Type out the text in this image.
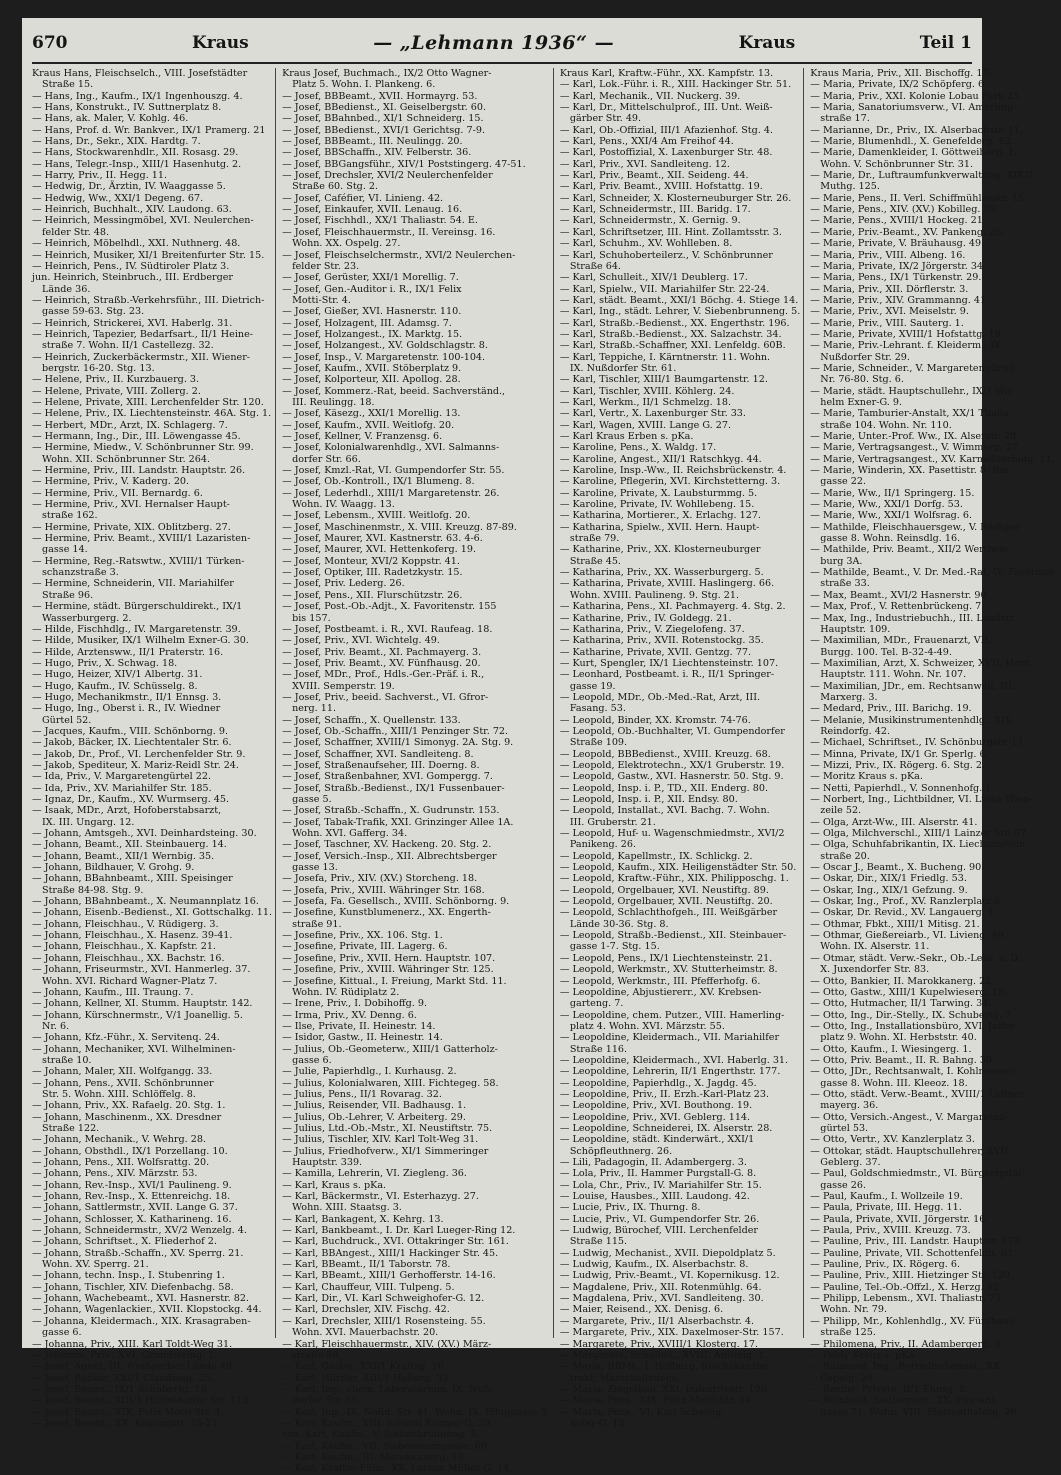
670	Kraus	— „Lehmann 1936“ —	Kraus	Teil 1
Kraus Hans, Fleischselch., VIII. Josefstädter
Straße 15.
— Hans, Ing., Kaufm., IX/1 Ingenhouszg. 4.
— Hans, Konstrukt., IV. Suttnerplatz 8.
— Hans, ak. Maler, V. Kohlg. 46.
— Hans, Prof. d. Wr. Bankver., IX/1 Pramerg. 21
— Hans, Dr., Sekr., XIX. Hardtg. 7.
— Hans, Stockwarenhdlr., XII. Rosasg. 29.
— Hans, Telegr.-Insp., XIII/1 Hasenhutg. 2.
— Harry, Priv., II. Hegg. 11.
— Hedwig, Dr., Ärztin, IV. Waaggasse 5.
— Hedwig, Ww., XXI/1 Degeng. 67.
— Heinrich, Buchhalt., XIV. Laudong. 63.
— Heinrich, Messingmöbel, XVI. Neulerchen-
felder Str. 48.
— Heinrich, Möbelhdl., XXI. Nuthnerg. 48.
— Heinrich, Musiker, XI/1 Breitenfurter Str. 15.
— Heinrich, Pens., IV. Südtiroler Platz 3.
jun. Heinrich, Steinbruch., III. Erdberger
Lände 36.
— Heinrich, Straßb.-Verkehrsführ., III. Dietrich-
gasse 59-63. Stg. 23.
— Heinrich, Strickerei, XVI. Haberlg. 31.
— Heinrich, Tapezier, Bedarfsart., II/1 Heine-
straße 7. Wohn. II/1 Castellezg. 32.
— Heinrich, Zuckerbäckermstr., XII. Wiener-
bergstr. 16-20. Stg. 13.
— Helene, Priv., II. Kurzbauerg. 3.
— Helene, Private, VIII. Zollerg. 2.
— Helene, Private, XIII. Lerchenfelder Str. 120.
— Helene, Priv., IX. Liechtensteinstr. 46A. Stg. 1.
— Herbert, MDr., Arzt, IX. Schlagerg. 7.
— Hermann, Ing., Dir., III. Löwengasse 45.
— Hermine, Miedw., V. Schönbrunner Str. 99.
Wohn. XII. Schönbrunner Str. 264.
— Hermine, Priv., III. Landstr. Hauptstr. 26.
— Hermine, Priv., V. Kaderg. 20.
— Hermine, Priv., VII. Bernardg. 6.
— Hermine, Priv., XVI. Hernalser Haupt-
straße 162.
— Hermine, Private, XIX. Oblitzberg. 27.
— Hermine, Priv. Beamt., XVIII/1 Lazaristen-
gasse 14.
— Hermine, Reg.-Ratswtw., XVIII/1 Türken-
schanzstraße 3.
— Hermine, Schneiderin, VII. Mariahilfer
Straße 96.
— Hermine, städt. Bürgerschuldirekt., IX/1
Wasserburgerg. 2.
— Hilde, Fischhdlg., IV. Margaretenstr. 39.
— Hilde, Musiker, IX/1 Wilhelm Exner-G. 30.
— Hilde, Arztensww., II/1 Praterstr. 16.
— Hugo, Priv., X. Schwag. 18.
— Hugo, Heizer, XIV/1 Albertg. 31.
— Hugo, Kaufm., IV. Schüsselg. 8.
— Hugo, Mechanikmstr., II/1 Ennsg. 3.
— Hugo, Ing., Oberst i. R., IV. Wiedner
Gürtel 52.
— Jacques, Kaufm., VIII. Schönborng. 9.
— Jakob, Bäcker, IX. Liechtentaler Str. 6.
— Jakob, Dr., Prof., VI. Lerchenfelder Str. 9.
— Jakob, Spediteur, X. Mariz-Reidl Str. 24.
— Ida, Priv., V. Margaretengürtel 22.
— Ida, Priv., XV. Mariahilfer Str. 185.
— Ignaz, Dr., Kaufm., XV. Wurmserg. 45.
— Isaak, MDr., Arzt, Hofoberstabsarzt,
IX. III. Ungarg. 12.
— Johann, Amtsgeh., XVI. Deinhardsteing. 30.
— Johann, Beamt., XII. Steinbauerg. 14.
— Johann, Beamt., XII/1 Wernbig. 35.
— Johann, Bildhauer, V. Grohg. 9.
— Johann, BBahnbeamt., XIII. Speisinger
Straße 84-98. Stg. 9.
— Johann, BBahnbeamt., X. Neumannplatz 16.
— Johann, Eisenb.-Bedienst., XI. Gottschalkg. 11.
— Johann, Fleischhau., V. Rüdigerg. 3.
— Johann, Fleischhau., X. Hasenz. 39-41.
— Johann, Fleischhau., X. Kapfstr. 21.
— Johann, Fleischhau., XX. Bachstr. 16.
— Johann, Friseurmstr., XVI. Hanmerleg. 37.
Wohn. XVI. Richard Wagner-Platz 7.
— Johann, Kaufm., III. Traung. 7.
— Johann, Kellner, XI. Stumm. Hauptstr. 142.
— Johann, Kürschnermstr., V/1 Joanellig. 5.
Nr. 6.
— Johann, Kfz.-Führ., X. Servitenq. 24.
— Johann, Mechaniker, XVI. Wilhelminen-
straße 10.
— Johann, Maler, XII. Wolfgangg. 33.
— Johann, Pens., XVII. Schönbrunner
Str. 5. Wohn. XIII. Schlöffelg. 8.
— Johann, Priv., XX. Rafaelg. 20. Stg. 1.
— Johann, Maschinenm., XX. Dresdner
Straße 122.
— Johann, Mechanik., V. Wehrg. 28.
— Johann, Obsthdl., IX/1 Porzellang. 10.
— Johann, Pens., XII. Wolfsrattg. 20.
— Johann, Pens., XIV. Märzstr. 53.
— Johann, Rev.-Insp., XVI/1 Paulineng. 9.
— Johann, Rev.-Insp., X. Ettenreichg. 18.
— Johann, Sattlermstr., XVII. Lange G. 37.
— Johann, Schlosser, X. Katharineng. 16.
— Johann, Schneidermstr., XV/2 Wenzelg. 4.
— Johann, Schriftset., X. Fliederhof 2.
— Johann, Straßb.-Schaffn., XV. Sperrg. 21.
Wohn. XV. Sperrg. 21.
— Johann, techn. Insp., I. Stubenring 1.
— Johann, Tischler, XIV. Diefenbachg. 58.
— Johann, Wachebeamt., XVI. Hasnerstr. 82.
— Johann, Wagenlackier., XVII. Klopstockg. 44.
— Johanna, Kleidermach., XIX. Krasagraben-
gasse 6.
— Johanna, Priv., XIII. Karl Toldt-Weg 31.
— Johanna, Priv., XVI. Grundsteing. 1.
— Josef, Agent, III. Weißgerber Lände 40.
— Josef, Bäcker, XXI/1 Claudiusg. 25.
— Josef, Beamt., IX/1 Schubertg. 18.
— Josef, Beamt., XIII/1 Hütteldorfer Str. 113.
— Josef, Beamt., XIX. Felix Motti-Str. 4.
— Josef, Beamt., XX. Kolpingstr. 15-21.
Kraus Josef, Buchmach., IX/2 Otto Wagner-
Platz 5. Wohn. I. Plankeng. 6.
— Josef, BBBeamt., XVII. Hormayrg. 53.
— Josef, BBedienst., XI. Geiselbergstr. 60.
— Josef, BBahnbed., XI/1 Schneiderg. 15.
— Josef, BBedienst., XVI/1 Gerichtsg. 7-9.
— Josef, BBBeamt., III. Neulingg. 20.
— Josef, BBSchaffn., XIV. Felberstr. 36.
— Josef, BBGangsführ., XIV/1 Poststingerg. 47-51.
— Josef, Drechsler, XVI/2 Neulerchenfelder
Straße 60. Stg. 2.
— Josef, Caféfier, VI. Linieng. 42.
— Josef, Einkaufer, XVII. Lenaug. 16.
— Josef, Fischhdl., XX/1 Thaliastr. 54. E.
— Josef, Fleischhauermstr., II. Vereinsg. 16.
Wohn. XX. Ospelg. 27.
— Josef, Fleischselchermstr., XVI/2 Neulerchen-
felder Str. 23.
— Josef, Gerüster, XXI/1 Morellig. 7.
— Josef, Gen.-Auditor i. R., IX/1 Felix
Motti-Str. 4.
— Josef, Gießer, XVI. Hasnerstr. 110.
— Josef, Holzagent, III. Adamsg. 7.
— Josef, Holzangest., IX. Marktg. 15.
— Josef, Holzangest., XV. Goldschlagstr. 8.
— Josef, Insp., V. Margaretenstr. 100-104.
— Josef, Kaufm., XVII. Stöberplatz 9.
— Josef, Kolporteur, XII. Apollog. 28.
— Josef, Kommerz.-Rat, beeid. Sachverständ.,
III. Reulingg. 18.
— Josef, Käsezg., XXI/1 Morellig. 13.
— Josef, Kaufm., XVII. Weitlofg. 20.
— Josef, Kellner, V. Franzensg. 6.
— Josef, Kolonialwarenhdlg., XVI. Salmanns-
dorfer Str. 66.
— Josef, Kmzl.-Rat, VI. Gumpendorfer Str. 55.
— Josef, Ob.-Kontroll., IX/1 Blumeng. 8.
— Josef, Lederhdl., XIII/1 Margaretenstr. 26.
Wohn. IV. Waagg. 13.
— Josef, Lebensm., XVIII. Weitlofg. 20.
— Josef, Maschinenmstr., X. VIII. Kreuzg. 87-89.
— Josef, Maurer, XVI. Kastnerstr. 63. 4-6.
— Josef, Maurer, XVI. Hettenkoferg. 19.
— Josef, Monteur, XVI/2 Koppstr. 41.
— Josef, Optiker, III. Radetzkystr. 15.
— Josef, Priv. Lederg. 26.
— Josef, Pens., XII. Flurschützstr. 26.
— Josef, Post.-Ob.-Adjt., X. Favoritenstr. 155
bis 157.
— Josef, Postbeamt. i. R., XVI. Raufeag. 18.
— Josef, Priv., XVI. Wichtelg. 49.
— Josef, Priv. Beamt., XI. Pachmayerg. 3.
— Josef, Priv. Beamt., XV. Fünfhausg. 20.
— Josef, MDr., Prof., Hdls.-Ger.-Präf. i. R.,
XVIII. Semperstr. 19.
— Josef, Priv., beeid. Sachverst., VI. Gfror-
nerg. 11.
— Josef, Schaffn., X. Quellenstr. 133.
— Josef, Ob.-Schaffn., XIII/1 Penzinger Str. 72.
— Josef, Schaffner, XVIII/1 Simonyg. 2A. Stg. 9.
— Josef, Schaffner, XVI. Sandleiteng. 8.
— Josef, Straßenaufseher, III. Doerng. 8.
— Josef, Straßenbahner, XVI. Gompergg. 7.
— Josef, Straßb.-Bedienst., IX/1 Fussenbauer-
gasse 5.
— Josef, Straßb.-Schaffn., X. Gudrunstr. 153.
— Josef, Tabak-Trafik, XXI. Grinzinger Allee 1A.
Wohn. XVI. Gafferg. 34.
— Josef, Taschner, XV. Hackeng. 20. Stg. 2.
— Josef, Versich.-Insp., XII. Albrechtsberger
gasse 13.
— Josefa, Priv., XIV. (XV.) Storcheng. 18.
— Josefa, Priv., XVIII. Währinger Str. 168.
— Josefa, Fa. Gesellsch., XVIII. Schönborng. 9.
— Josefine, Kunstblumenerz., XX. Engerth-
straße 91.
— Josefine, Priv., XX. 106. Stg. 1.
— Josefine, Private, III. Lagerg. 6.
— Josefine, Priv., XVII. Hern. Hauptstr. 107.
— Josefine, Priv., XVIII. Währinger Str. 125.
— Josefine, Kittual., I. Freiung, Markt Std. 11.
Wohn. IV. Rüdiplatz 2.
— Irene, Priv., I. Dobihoffg. 9.
— Irma, Priv., XV. Denng. 6.
— Ilse, Private, II. Heinestr. 14.
— Isidor, Gastw., II. Heinestr. 14.
— Julius, Ob.-Geometerw., XIII/1 Gatterholz-
gasse 6.
— Julie, Papierhdlg., I. Kurhausg. 2.
— Julius, Kolonialwaren, XIII. Fichtegeg. 58.
— Julius, Pens., II/1 Rovarag. 32.
— Julius, Reisender, VII. Badhausg. 1.
— Julius, Ob.-Lehrer, V. Arbeiterg. 29.
— Julius, Ltd.-Ob.-Mstr., XI. Neustiftstr. 75.
— Julius, Tischler, XIV. Karl Tolt-Weg 31.
— Julius, Friedhofverw., XI/1 Simmeringer
Hauptstr. 339.
— Kamilla, Lehrerin, VI. Ziegleng. 36.
— Karl, Kraus s. pKa.
— Karl, Bäckermstr., VI. Esterhazyg. 27.
Wohn. XIII. Staatsg. 3.
— Karl, Bankagent, X. Kehrg. 13.
— Karl, Bankbeamt., I. Dr. Karl Lueger-Ring 12.
— Karl, Buchdruck., XVI. Ottakringer Str. 161.
— Karl, BBAngest., XIII/1 Hackinger Str. 45.
— Karl, BBeamt., II/1 Taborstr. 78.
— Karl, BBeamt., XIII/1 Gerhofferstr. 14-16.
— Karl, Chauffeur, VIII. Tulpeng. 5.
— Karl, Dir., VI. Karl Schweighofer-G. 12.
— Karl, Drechsler, XIV. Fischg. 42.
— Karl, Drechsler, XIII/1 Rosensteing. 55.
Wohn. XVI. Mauerbachstr. 20.
— Karl, Fleischhauermstr., XIV. (XV.) März-
straße 58.
— Karl, Gastw., XXI/1 Kraftsg. 16.
— Karl, Hürtler, XIII/1 Hollerg. 33.
— Karl, Ing., chem. Laboratorium, IX. Nuß-
dorfer Str. 50.
— Karl, Ing., IX. Nußd. Str. 41. Wohn. IX. Pfluggasse 5.
— Karl, Kaufm., XIII. Eduard Klinger-G. 20.
sen. Karl, Kaufm., V. Siebenbrunneng. 5.
— Karl, Kaufm., VII. Siebensterngasse. 60.
— Karl, Kaufm., III. Marokkanerg. 10.
— Karl, Kraftw.-Führ., XX. Lorenz Müller-G. 14.
Kraus Karl, Kraftw.-Führ., XX. Kampfstr. 13.
— Karl, Lok.-Führ. i. R., XIII. Hackinger Str. 51.
— Karl, Mechanik., VII. Nuckerg. 39.
— Karl, Dr., Mittelschulprof., III. Unt. Weiß-
gärber Str. 49.
— Karl, Ob.-Offizial, III/1 Afazienhof. Stg. 4.
— Karl, Pens., XXI/4 Am Freihof 44.
— Karl, Postoffizial, X. Laxenburger Str. 48.
— Karl, Priv., XVI. Sandleiteng. 12.
— Karl, Priv., Beamt., XII. Seideng. 44.
— Karl, Priv. Beamt., XVIII. Hofstattg. 19.
— Karl, Schneider, X. Klosterneuburger Str. 26.
— Karl, Schneidermstr., III. Baridg. 17.
— Karl, Schneidermstr., X. Gernig. 9.
— Karl, Schriftsetzer, III. Hint. Zollamtsstr. 3.
— Karl, Schuhm., XV. Wohlleben. 8.
— Karl, Schuhoberteilerz., V. Schönbrunner
Straße 64.
— Karl, Schulleit., XIV/1 Deublerg. 17.
— Karl, Spielw., VII. Mariahilfer Str. 22-24.
— Karl, städt. Beamt., XXI/1 Böchg. 4. Stiege 14.
— Karl, Ing., städt. Lehrer, V. Siebenbrunneng. 5.
— Karl, Straßb.-Bedienst., XX. Engerthstr. 196.
— Karl, Straßb.-Bedienst., XX. Salzachstr. 34.
— Karl, Straßb.-Schaffner, XXI. Lenfeldg. 60B.
— Karl, Teppiche, I. Kärntnerstr. 11. Wohn.
IX. Nußdorfer Str. 61.
— Karl, Tischler, XIII/1 Baumgartenstr. 12.
— Karl, Tischler, XVIII. Köhlerg. 24.
— Karl, Werkm., II/1 Schmelzg. 18.
— Karl, Vertr., X. Laxenburger Str. 33.
— Karl, Wagen, XVIII. Lange G. 27.
— Karl Kraus Erben s. pKa.
— Karoline, Pens., X. Waldg. 17.
— Karoline, Angest., XII/1 Ratschkyg. 44.
— Karoline, Insp.-Ww., II. Reichsbrückenstr. 4.
— Karoline, Pflegerin, XVI. Kirchstetterng. 3.
— Karoline, Private, X. Laubsturmmg. 5.
— Karoline, Private, IV. Wohllebeng. 15.
— Katharina, Mortierer., X. Erlachg. 127.
— Katharina, Spielw., XVII. Hern. Haupt-
straße 79.
— Katharine, Priv., XX. Klosterneuburger
Straße 45.
— Katharina, Priv., XX. Wasserburgerg. 5.
— Katharina, Private, XVIII. Haslingerg. 66.
Wohn. XVIII. Paulineng. 9. Stg. 21.
— Katharina, Pens., XI. Pachmayerg. 4. Stg. 2.
— Katharine, Priv., IV. Goldegg. 21.
— Katharina, Priv., V. Ziegelofeng. 37.
— Katharina, Priv., XVII. Rotenstockg. 35.
— Katharine, Private, XVII. Gentzg. 77.
— Kurt, Spengler, IX/1 Liechtensteinstr. 107.
— Leonhard, Postbeamt. i. R., II/1 Springer-
gasse 19.
— Leopold, MDr., Ob.-Med.-Rat, Arzt, III.
Fasang. 53.
— Leopold, Binder, XX. Kromstr. 74-76.
— Leopold, Ob.-Buchhalter, VI. Gumpendorfer
Straße 109.
— Leopold, BBBedienst., XVIII. Kreuzg. 68.
— Leopold, Elektrotechn., XX/1 Gruberstr. 19.
— Leopold, Gastw., XVI. Hasnerstr. 50. Stg. 9.
— Leopold, Insp. i. P., TD., XII. Enderg. 80.
— Leopold, Insp. i. P., XII. Endsy. 80.
— Leopold, Installat., XVI. Bachg. 7. Wohn.
III. Gruberstr. 21.
— Leopold, Huf- u. Wagenschmiedmstr., XVI/2
Panikeng. 26.
— Leopold, Kapellmstr., IX. Schlickg. 2.
— Leopold, Kaufm., XIX. Heiligenstädter Str. 50.
— Leopold, Kraftw.-Führ., XIX. Philipposchg. 1.
— Leopold, Orgelbauer, XVI. Neustiftg. 89.
— Leopold, Orgelbauer, XVII. Neustiftg. 20.
— Leopold, Schlachthofgeh., III. Weißgärber
Lände 30-36. Stg. 8.
— Leopold, Straßb.-Bedienst., XII. Steinbauer-
gasse 1-7. Stg. 15.
— Leopold, Pens., IX/1 Liechtensteinstr. 21.
— Leopold, Werkmstr., XV. Stutterheimstr. 8.
— Leopold, Werkmstr., III. Pfefferhofg. 6.
— Leopoldine, Abjustiererr., XV. Krebsen-
garteng. 7.
— Leopoldine, chem. Putzer., VIII. Hamerling-
platz 4. Wohn. XVI. Märzstr. 55.
— Leopoldine, Kleidermach., VII. Mariahilfer
Straße 116.
— Leopoldine, Kleidermach., XVI. Haberlg. 31.
— Leopoldine, Lehrerin, II/1 Engerthstr. 177.
— Leopoldine, Papierhdlg., X. Jagdg. 45.
— Leopoldine, Priv., II. Erzh.-Karl-Platz 23.
— Leopoldine, Priv., XVI. Bouthong. 19.
— Leopoldine, Priv., XVI. Geblerg. 114.
— Leopoldine, Schneiderei, IX. Alserstr. 28.
— Leopoldine, städt. Kinderwärt., XXI/1
Schöpfleuthnerg. 26.
— Lili, Padagogin, II. Adambergerg. 3.
— Lola, Priv., II. Hammer Purgstall-G. 8.
— Lola, Chr., Priv., IV. Mariahilfer Str. 15.
— Louise, Hausbes., XIII. Laudong. 42.
— Lucie, Priv., IX. Thurng. 8.
— Lucie, Priv., VI. Gumpendorfer Str. 26.
— Ludwig, Bürochef, VIII. Lerchenfelder
Straße 115.
— Ludwig, Mechanist., XVII. Diepoldplatz 5.
— Ludwig, Kaufm., IX. Alserbachstr. 8.
— Ludwig, Priv.-Beamt., VI. Kopernikusg. 12.
— Magdalene, Priv., XII. Rotenmühlg. 64.
— Magdalena, Priv., XVI. Sandleiteng. 30.
— Maier, Reisend., XX. Denisg. 6.
— Margarete, Priv., II/1 Alserbachstr. 4.
— Margarete, Priv., XIX. Daxelmoser-Str. 157.
— Margarete, Priv., XVIII/1 Klosterg. 17.
— Margarete, Schulleit., XVIII. Antonig. 1.
— Maria, BBMt., I. Hofburg, Reichskanzlei-
trakt, Marschallstiege.
— Maria, Ziegelbau, XXI. Industriestr. 190.
— Maria, Pens., XIX. Felix Motti-Str. 14.
— Maria, Pens., VI. Karl Schweig-
hofer-G. 12.
Kraus Maria, Priv., XII. Bischoffg. 17.
— Maria, Private, IX/2 Schöpferg. 6.
— Maria, Priv., XXI. Kolonie Lobau Park 21.
— Maria, Sanatoriumsverw., VI. Amerling-
straße 17.
— Marianne, Dr., Priv., IX. Alserbachstr. 11.
— Marie, Blumenhdl., X. Genefelderg. 62.
— Marie, Damenkleider, I. Göttweiherg. 1.
Wohn. V. Schönbrunner Str. 31.
— Marie, Dr., Luftraumfunkverwaltung, XIX/2
Muthg. 125.
— Marie, Pens., II. Verl. Schiffmühlenstr. 15.
— Marie, Pens., XIV. (XV.) Kobilleg. 39.
— Marie, Pens., XVIII/1 Hockeg. 21.
— Marie, Priv.-Beamt., XV. Pankeng. 26.
— Marie, Private, V. Bräuhausg. 49.
— Maria, Priv., VIII. Albeng. 16.
— Maria, Private, IX/2 Jörgerstr. 34.
— Maria, Pens., IX/1 Türkenstr. 29.
— Maria, Priv., XII. Dörflerstr. 3.
— Marie, Priv., XIV. Grammanng. 41.
— Marie, Priv., XVI. Meiselstr. 9.
— Marie, Priv., VIII. Sauterg. 1.
— Marie, Private, XVIII/1 Hofstattg. 19.
— Marie, Priv.-Lehrant. f. Kleiderm., IX.
Nußdorfer Str. 29.
— Marie, Schneider., V. Margaretengürtel
Nr. 76-80. Stg. 6.
— Marie, städt. Hauptschullehr., IX/1 Wil-
helm Exner-G. 9.
— Marie, Tamburier-Anstalt, XX/1 Thalia-
straße 104. Wohn. Nr. 110.
— Marie, Unter.-Prof. Ww., IX. Alserstr. 28.
— Marie, Vertragsangest., V. Wimmerg. 27.
— Marie, Vertragsangest., XV. Karmeliterhofg. 11.
— Marie, Winderin, XX. Pasettistr. 8. Bar.
gasse 22.
— Marie, Ww., II/1 Springerg. 15.
— Marie, Ww., XXI/1 Dorfg. 53.
— Marie, Ww., XXI/1 Wolfsrag. 6.
— Mathilde, Fleischhauersgew., V. Rüdiger-
gasse 8. Wohn. Reinsdlg. 16.
— Mathilde, Priv. Beamt., XII/2 Werthen-
burg 3A.
— Mathilde, Beamt., V. Dr. Med.-Rat, IV. Favoriten-
straße 33.
— Max, Beamt., XVI/2 Hasnerstr. 90.
— Max, Prof., V. Rettenbrückeng. 7.
— Max, Ing., Industriebuchh., III. Landstr.
Hauptstr. 109.
— Maximilian, MDr., Frauenarzt, VII.
Burgg. 100. Tel. B-32-4-49.
— Maximilian, Arzt, X. Schweizer, XVII. Hern.
Hauptstr. 111. Wohn. Nr. 107.
— Maximilian, JDr., em. Rechtsanwalt, III.
Marxerg. 3.
— Medard, Priv., III. Barichg. 19.
— Melanie, Musikinstrumentenhdlg., XIV.
Reindorfg. 42.
— Michael, Schriftset., IV. Schönburgstr. 11.
— Minna, Private, IX/1 Gr. Sperlg. 6.
— Mizzi, Priv., IX. Rögerg. 6. Stg. 2.
— Moritz Kraus s. pKa.
— Netti, Papierhdl., V. Sonnenhofg. 1.
— Norbert, Ing., Lichtbildner, VI. Linke Wien-
zeile 52.
— Olga, Arzt-Ww., III. Alserstr. 41.
— Olga, Milchverschl., XIII/1 Lainzer Str. 87.
— Olga, Schuhfabrikantin, IX. Liechtenstein-
straße 20.
— Oscar J., Beamt., X. Bucheng. 90.
— Oskar, Dir., XIX/1 Friedlg. 53.
— Oskar, Ing., XIX/1 Gefzung. 9.
— Oskar, Ing., Prof., XV. Ranzlerplatz 6.
— Oskar, Dr. Revid., XV. Langauerg. 1.
— Othmar, Fbkt., XIII/1 Mitisg. 21.
— Othmar, Gießereiarb., VI. Livieng. 49.
Wohn. IX. Alserstr. 11.
— Otmar, städt. Verw.-Sekr., Ob.-Leut. a. D.,
X. Juxendorfer Str. 83.
— Otto, Bankier, II. Marokkanerg. 22.
— Otto, Gastw., XIII/1 Kupelwieserg. 15.
— Otto, Hutmacher, II/1 Tarwing. 34.
— Otto, Ing., Dir.-Stelly., IX. Schubertg. 7.
— Otto, Ing., Installationsbüro, XVI. Joffer-
platz 9. Wohn. XI. Herbststr. 40.
— Otto, Kaufm., I. Wiesingerg. 1.
— Otto, Priv. Beamt., II. R. Bahng. 30.
— Otto, JDr., Rechtsanwalt, I. Kohlmesser-
gasse 8. Wohn. III. Kleeoz. 18.
— Otto, städt. Verw.-Beamt., XVIII/1 Leitner-
mayerg. 36.
— Otto, Versich.-Angest., V. Margareten-
gürtel 53.
— Otto, Vertr., XV. Kanzlerplatz 3.
— Ottokar, städt. Hauptschullehrer, XVII.
Geblerg. 37.
— Paul, Goldschmiedmstr., VI. Bürgerspital-
gasse 26.
— Paul, Kaufm., I. Wollzeile 19.
— Paula, Private, III. Hegg. 11.
— Paula, Private, XVII. Jörgerstr. 16.
— Paula, Priv., XVIII. Kreuzg. 73.
— Pauline, Priv., III. Landstr. Hauptstr. 173.
— Pauline, Private, VII. Schottenfeldg. 67.
— Pauline, Priv., IX. Rögerg. 6.
— Pauline, Priv., XIII. Hietzinger Str. 120.
— Pauline, Tel.-Ob.-Offzl., X. Herzg. 82.
— Philipp, Lebensm., XVI. Thaliastr. 75.
Wohn. Nr. 79.
— Philipp, Mr., Kohlenhdlg., XV. Fünfhaus-
straße 125.
— Philomena, Priv., II. Adambergerg. 3.
— Poldy Kraus s. pKa.
— Raimund, Ing., Betriebschemist., XX.
Ospelg. 29.
— Rezine, Private, II/1 Ennsg. 5.
— Reinhold, Sattlermstr., XX. Floriani-
gasse 71. Wohn. VIII. Stolzenthalerg. 26.
